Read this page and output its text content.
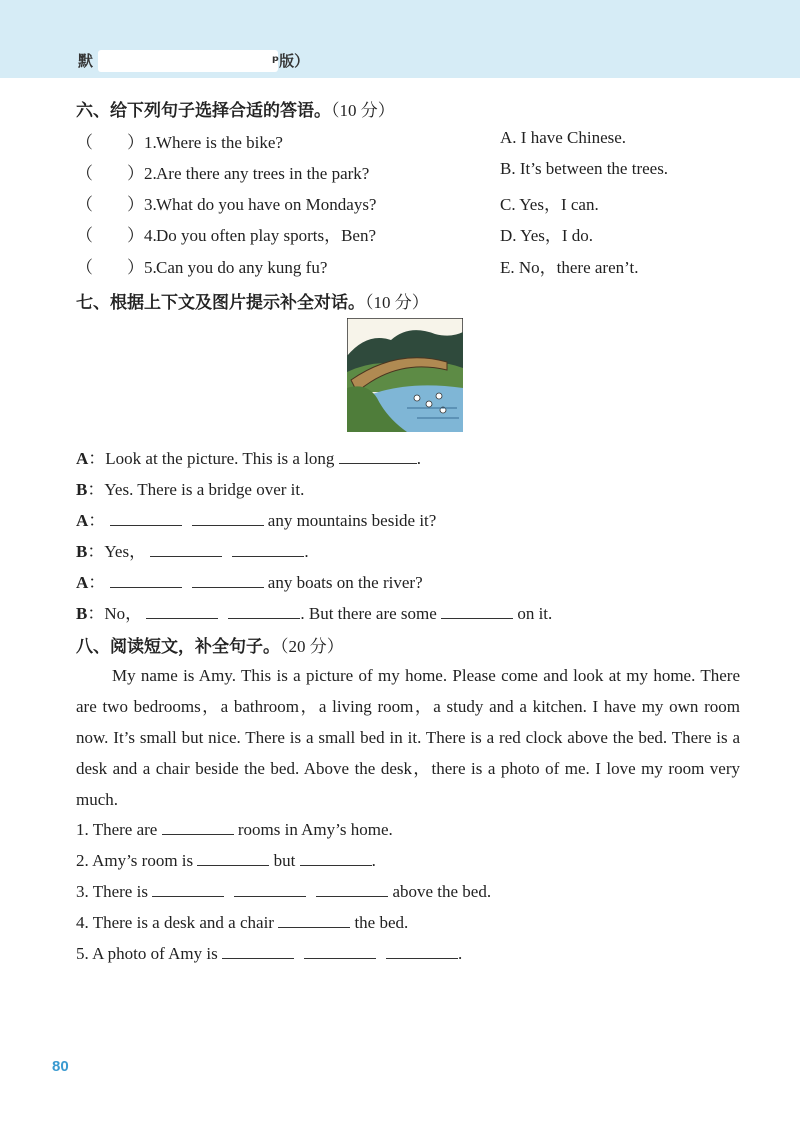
默	ᵖ版）
六、给下列句子选择合适的答语。（10 分）
（　　）1.Where is the bike?
（　　）2.Are there any trees in the park?
（　　）3.What do you have on Mondays?
（　　）4.Do you often play sports，Ben?
（　　）5.Can you do any kung fu?
A. I have Chinese.
B. It’s between the trees.
C. Yes，I can.
D. Yes，I do.
E. No，there aren’t.
七、根据上下文及图片提示补全对话。（10 分）
A：Look at the picture. This is a long	.
B：Yes. There is a bridge over it.
A：	any mountains beside it?
B：Yes，	.
A：	any boats on the river?
B：No，	. But there are some	on it.
八、阅读短文，补全句子。（20 分）
My name is Amy. This is a picture of my home. Please come and look at my home. There are two bedrooms，a bathroom，a living room，a study and a kitchen. I have my own room now. It’s small but nice. There is a small bed in it. There is a red clock above the bed. There is a desk and a chair beside the bed. Above the desk，there is a photo of me. I love my room very much.
1. There are	rooms in Amy’s home.
2. Amy’s room is	but	.
3. There is	above the bed.
4. There is a desk and a chair	the bed.
5. A photo of Amy is	.
80
